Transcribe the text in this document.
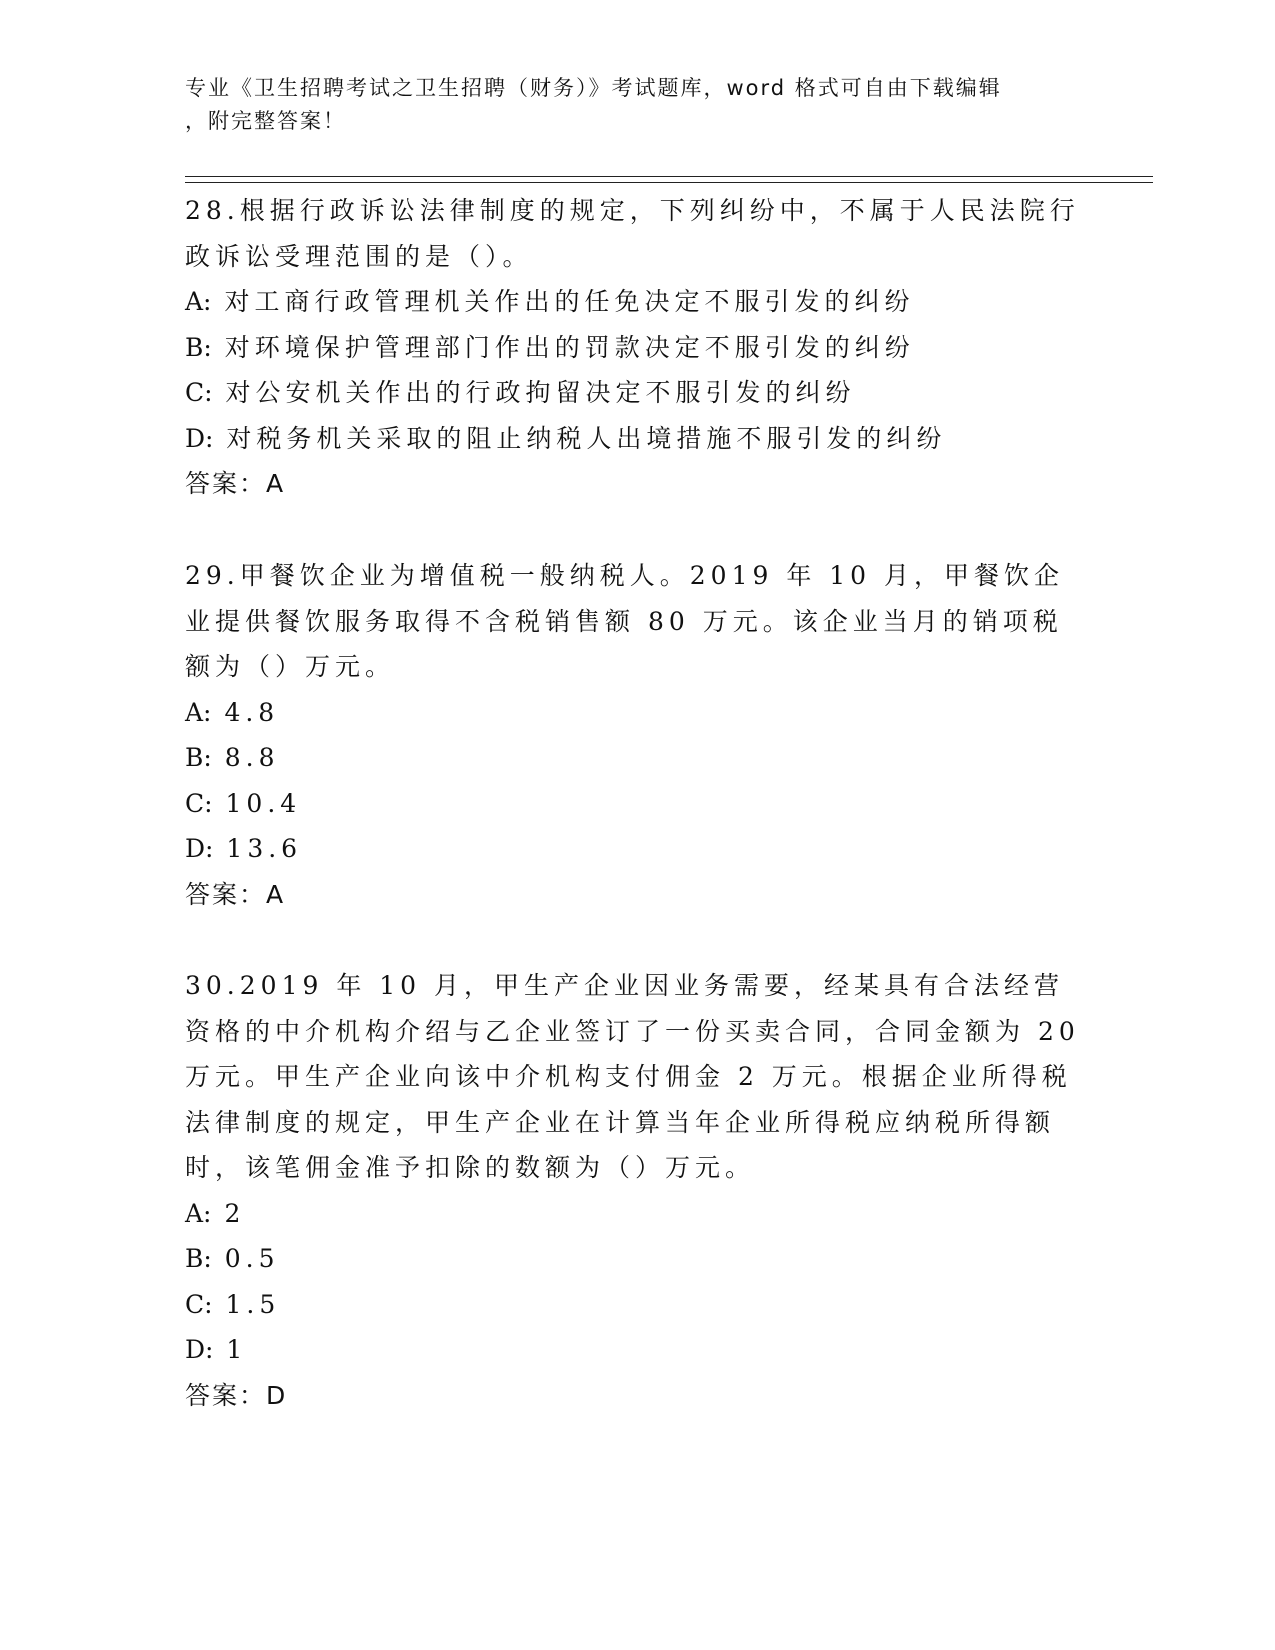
专业《卫生招聘考试之卫生招聘（财务）》考试题库，word 格式可自由下载编辑
，附完整答案！

28.根据行政诉讼法律制度的规定，下列纠纷中，不属于人民法院行政诉讼受理范围的是（）。

A: 对工商行政管理机关作出的任免决定不服引发的纠纷

B: 对环境保护管理部门作出的罚款决定不服引发的纠纷

C: 对公安机关作出的行政拘留决定不服引发的纠纷

D: 对税务机关采取的阻止纳税人出境措施不服引发的纠纷

答案：A

29.甲餐饮企业为增值税一般纳税人。2019 年 10 月，甲餐饮企业提供餐饮服务取得不含税销售额 80 万元。该企业当月的销项税额为（）万元。

A: 4.8

B: 8.8

C: 10.4

D: 13.6

答案：A

30.2019 年 10 月，甲生产企业因业务需要，经某具有合法经营资格的中介机构介绍与乙企业签订了一份买卖合同，合同金额为 20 万元。甲生产企业向该中介机构支付佣金 2 万元。根据企业所得税法律制度的规定，甲生产企业在计算当年企业所得税应纳税所得额时，该笔佣金准予扣除的数额为（）万元。

A: 2

B: 0.5

C: 1.5

D: 1

答案：D
